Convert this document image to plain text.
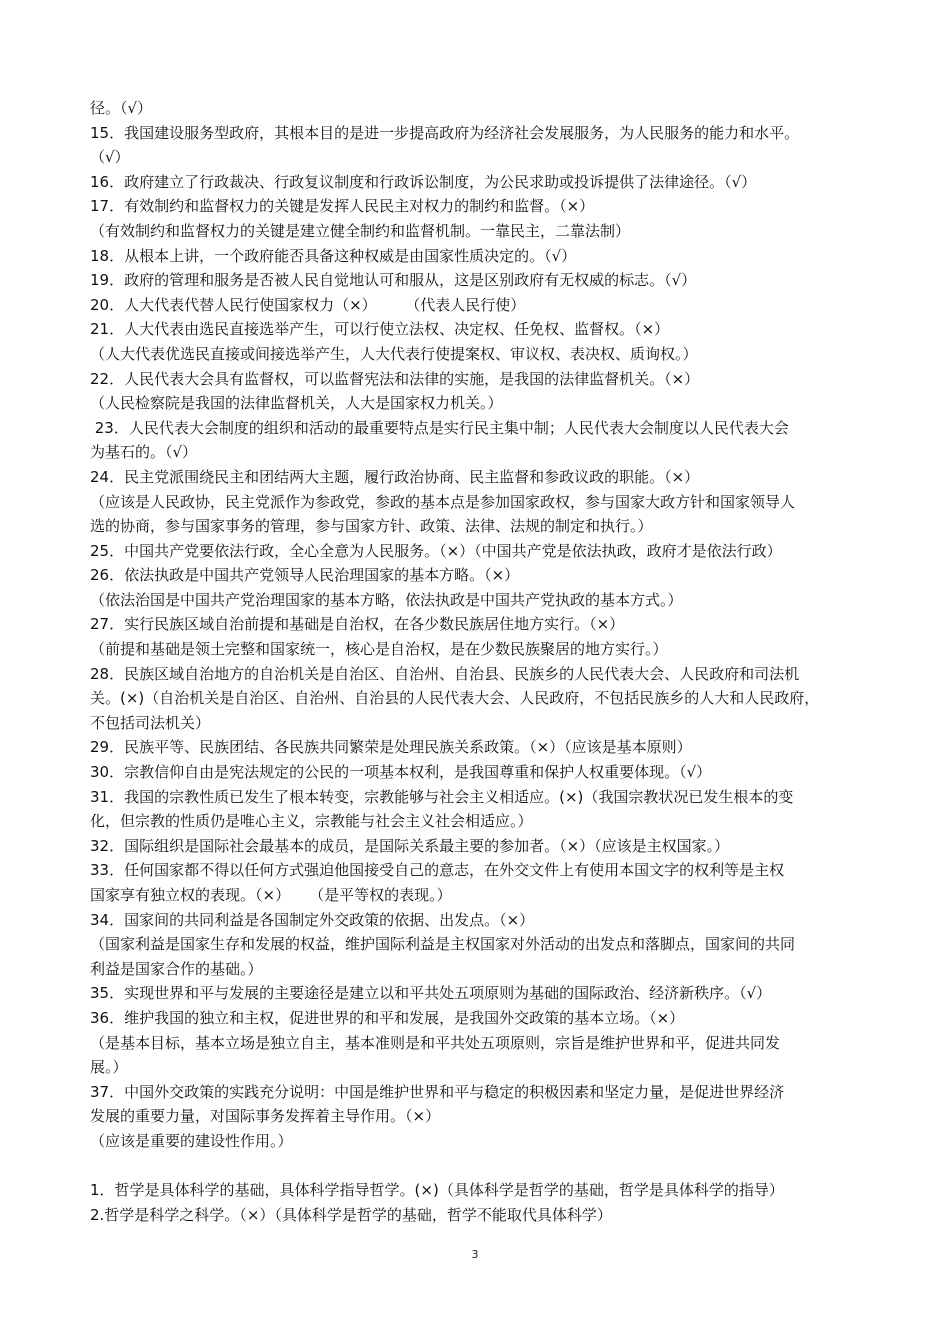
径。（√）
15．我国建设服务型政府，其根本目的是进一步提高政府为经济社会发展服务，为人民服务的能力和水平。
（√）
16．政府建立了行政裁决、行政复议制度和行政诉讼制度，为公民求助或投诉提供了法律途径。（√）
17．有效制约和监督权力的关键是发挥人民民主对权力的制约和监督。（×）
（有效制约和监督权力的关键是建立健全制约和监督机制。一靠民主，二靠法制）
18．从根本上讲，一个政府能否具备这种权威是由国家性质决定的。（√）
19．政府的管理和服务是否被人民自觉地认可和服从，这是区别政府有无权威的标志。（√）
20．人大代表代替人民行使国家权力（×）      （代表人民行使）
21．人大代表由选民直接选举产生，可以行使立法权、决定权、任免权、监督权。（×）
（人大代表优选民直接或间接选举产生，人大代表行使提案权、审议权、表决权、质询权。）
22．人民代表大会具有监督权，可以监督宪法和法律的实施，是我国的法律监督机关。（×）
（人民检察院是我国的法律监督机关，人大是国家权力机关。）
23．人民代表大会制度的组织和活动的最重要特点是实行民主集中制；人民代表大会制度以人民代表大会
为基石的。（√）
24．民主党派围绕民主和团结两大主题，履行政治协商、民主监督和参政议政的职能。（×）
（应该是人民政协，民主党派作为参政党，参政的基本点是参加国家政权，参与国家大政方针和国家领导人
选的协商，参与国家事务的管理，参与国家方针、政策、法律、法规的制定和执行。）
25．中国共产党要依法行政，全心全意为人民服务。（×）（中国共产党是依法执政，政府才是依法行政）
26．依法执政是中国共产党领导人民治理国家的基本方略。（×）
（依法治国是中国共产党治理国家的基本方略，依法执政是中国共产党执政的基本方式。）
27．实行民族区域自治前提和基础是自治权，在各少数民族居住地方实行。（×）
（前提和基础是领土完整和国家统一，核心是自治权，是在少数民族聚居的地方实行。）
28．民族区域自治地方的自治机关是自治区、自治州、自治县、民族乡的人民代表大会、人民政府和司法机
关。(×)（自治机关是自治区、自治州、自治县的人民代表大会、人民政府，不包括民族乡的人大和人民政府，
不包括司法机关）
29．民族平等、民族团结、各民族共同繁荣是处理民族关系政策。（×）（应该是基本原则）
30．宗教信仰自由是宪法规定的公民的一项基本权利，是我国尊重和保护人权重要体现。（√）
31．我国的宗教性质已发生了根本转变，宗教能够与社会主义相适应。(×)（我国宗教状况已发生根本的变
化，但宗教的性质仍是唯心主义，宗教能与社会主义社会相适应。）
32．国际组织是国际社会最基本的成员，是国际关系最主要的参加者。（×）（应该是主权国家。）
33．任何国家都不得以任何方式强迫他国接受自己的意志，在外交文件上有使用本国文字的权利等是主权
国家享有独立权的表现。（×）    （是平等权的表现。）
34．国家间的共同利益是各国制定外交政策的依据、出发点。（×）
（国家利益是国家生存和发展的权益，维护国际利益是主权国家对外活动的出发点和落脚点，国家间的共同
利益是国家合作的基础。）
35．实现世界和平与发展的主要途径是建立以和平共处五项原则为基础的国际政治、经济新秩序。（√）
36．维护我国的独立和主权，促进世界的和平和发展，是我国外交政策的基本立场。（×）
（是基本目标，基本立场是独立自主，基本准则是和平共处五项原则，宗旨是维护世界和平，促进共同发
展。）
37．中国外交政策的实践充分说明：中国是维护世界和平与稳定的积极因素和坚定力量，是促进世界经济
发展的重要力量，对国际事务发挥着主导作用。（×）
（应该是重要的建设性作用。）
1．哲学是具体科学的基础，具体科学指导哲学。(×)（具体科学是哲学的基础，哲学是具体科学的指导）
2.哲学是科学之科学。（×）（具体科学是哲学的基础，哲学不能取代具体科学）
3
